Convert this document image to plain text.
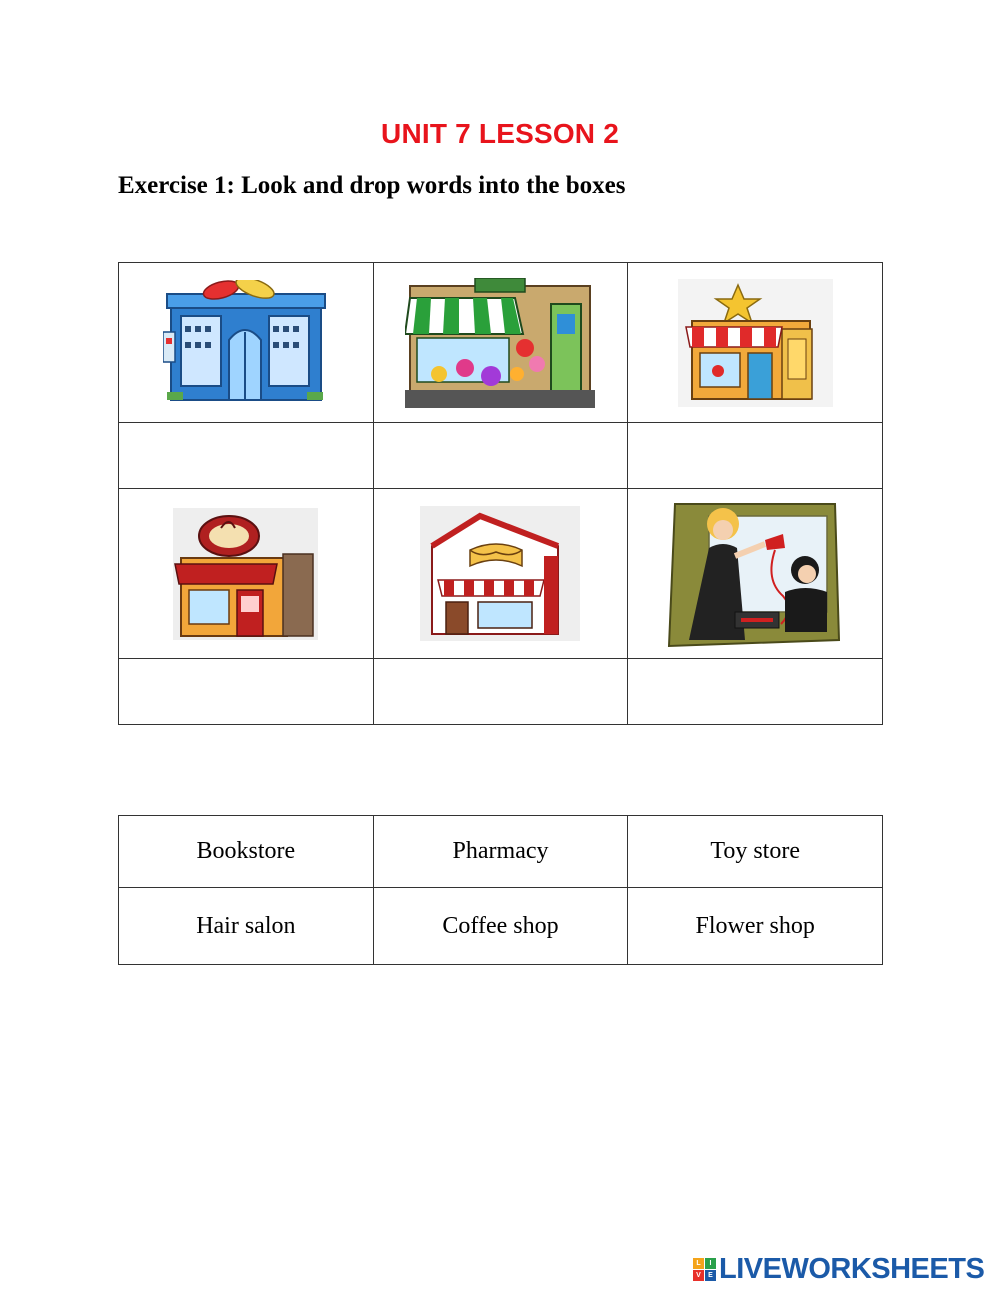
UNIT 7 LESSON 2
Exercise 1: Look and drop words into the boxes

Bookstore	Pharmacy	Toy store
Hair salon	Coffee shop	Flower shop
L	I
V	E LIVEWORKSHEETS
